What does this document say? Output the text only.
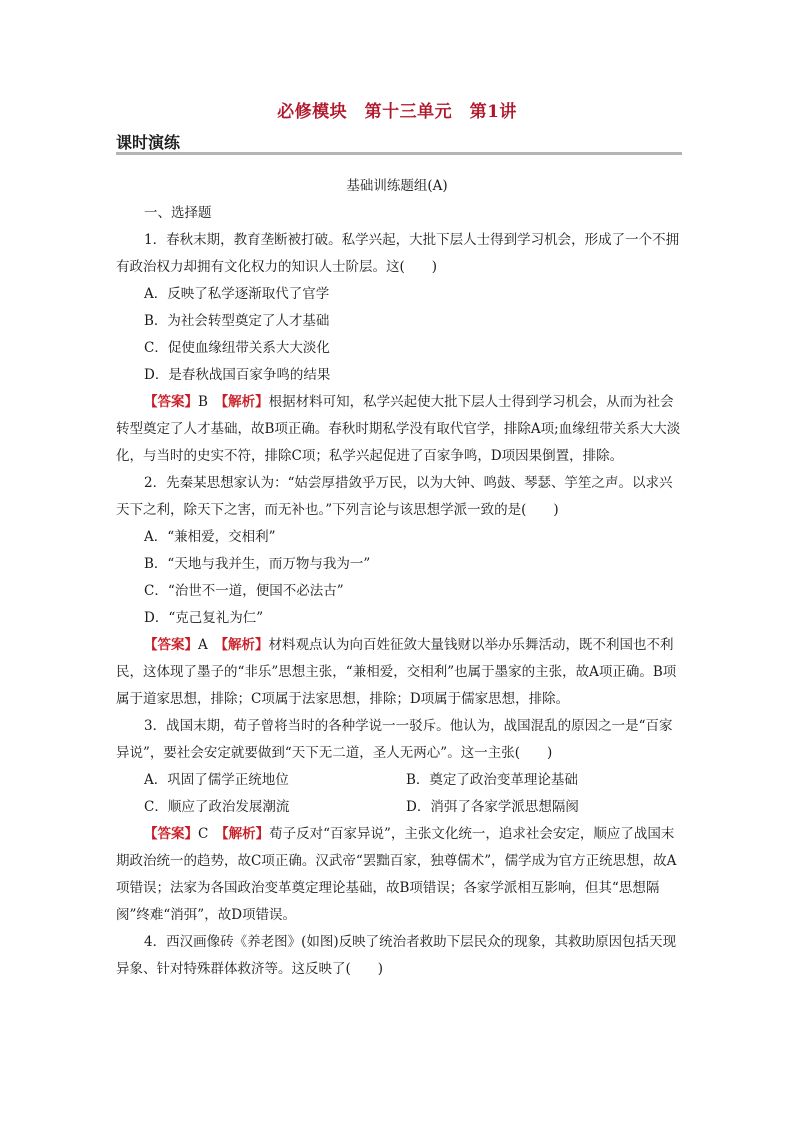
必修模块　第十三单元　第1讲
课时演练
基础训练题组(A)

一、选择题

1．春秋末期，教育垄断被打破。私学兴起，大批下层人士得到学习机会，形成了一个不拥有政治权力却拥有文化权力的知识人士阶层。这(　　)

A．反映了私学逐渐取代了官学

B．为社会转型奠定了人才基础

C．促使血缘纽带关系大大淡化

D．是春秋战国百家争鸣的结果

【答案】B　【解析】根据材料可知，私学兴起使大批下层人士得到学习机会，从而为社会转型奠定了人才基础，故B项正确。春秋时期私学没有取代官学，排除A项;血缘纽带关系大大淡化，与当时的史实不符，排除C项；私学兴起促进了百家争鸣，D项因果倒置，排除。

2．先秦某思想家认为：“姑尝厚措敛乎万民，以为大钟、鸣鼓、琴瑟、竽笙之声。以求兴天下之利，除天下之害，而无补也。”下列言论与该思想学派一致的是(　　)

A．“兼相爱，交相利”

B．“天地与我并生，而万物与我为一”

C．“治世不一道，便国不必法古”

D．“克己复礼为仁”

【答案】A　【解析】材料观点认为向百姓征敛大量钱财以举办乐舞活动，既不利国也不利民，这体现了墨子的“非乐”思想主张，“兼相爱，交相利”也属于墨家的主张，故A项正确。B项属于道家思想，排除；C项属于法家思想，排除；D项属于儒家思想，排除。

3．战国末期，荀子曾将当时的各种学说一一驳斥。他认为，战国混乱的原因之一是“百家异说”，要社会安定就要做到“天下无二道，圣人无两心”。这一主张(　　)

A．巩固了儒学正统地位	B．奠定了政治变革理论基础
C．顺应了政治发展潮流	D．消弭了各家学派思想隔阂

【答案】C　【解析】荀子反对“百家异说”，主张文化统一，追求社会安定，顺应了战国末期政治统一的趋势，故C项正确。汉武帝“罢黜百家，独尊儒术”，儒学成为官方正统思想，故A项错误；法家为各国政治变革奠定理论基础，故B项错误；各家学派相互影响，但其“思想隔阂”终难“消弭”，故D项错误。

4．西汉画像砖《养老图》(如图)反映了统治者救助下层民众的现象，其救助原因包括天现异象、针对特殊群体救济等。这反映了(　　)
